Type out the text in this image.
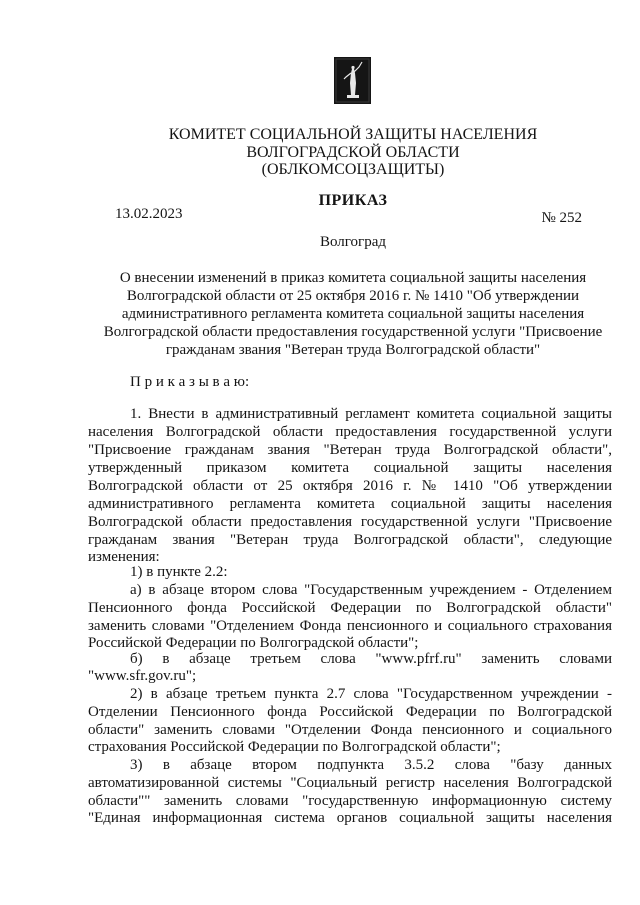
КОМИТЕТ СОЦИАЛЬНОЙ ЗАЩИТЫ НАСЕЛЕНИЯ
ВОЛГОГРАДСКОЙ ОБЛАСТИ
(ОБЛКОМСОЦЗАЩИТЫ)
ПРИКАЗ
13.02.2023	№ 252
Волгоград
О внесении изменений в приказ комитета социальной защиты населения
Волгоградской области от 25 октября 2016 г. № 1410 "Об утверждении
административного регламента комитета социальной защиты населения
Волгоградской области предоставления государственной услуги "Присвоение
гражданам звания "Ветеран труда Волгоградской области"
П р и к а з ы в а ю:
1. Внести в административный регламент комитета социальной защиты
населения Волгоградской области предоставления государственной услуги
"Присвоение гражданам звания "Ветеран труда Волгоградской области",
утвержденный приказом комитета социальной защиты населения
Волгоградской области от 25 октября 2016 г. № 1410 "Об утверждении
административного регламента комитета социальной защиты населения
Волгоградской области предоставления государственной услуги "Присвоение
гражданам звания "Ветеран труда Волгоградской области", следующие
изменения:
1) в пункте 2.2:
а) в абзаце втором слова "Государственным учреждением - Отделением
Пенсионного фонда Российской Федерации по Волгоградской области"
заменить словами "Отделением Фонда пенсионного и социального страхования
Российской Федерации по Волгоградской области";
б) в абзаце третьем слова "www.pfrf.ru" заменить словами
"www.sfr.gov.ru";
2) в абзаце третьем пункта 2.7 слова "Государственном учреждении -
Отделении Пенсионного фонда Российской Федерации по Волгоградской
области" заменить словами "Отделении Фонда пенсионного и социального
страхования Российской Федерации по Волгоградской области";
3) в абзаце втором подпункта 3.5.2 слова "базу данных
автоматизированной системы "Социальный регистр населения Волгоградской
области"" заменить словами "государственную информационную систему
"Единая информационная система органов социальной защиты населения
